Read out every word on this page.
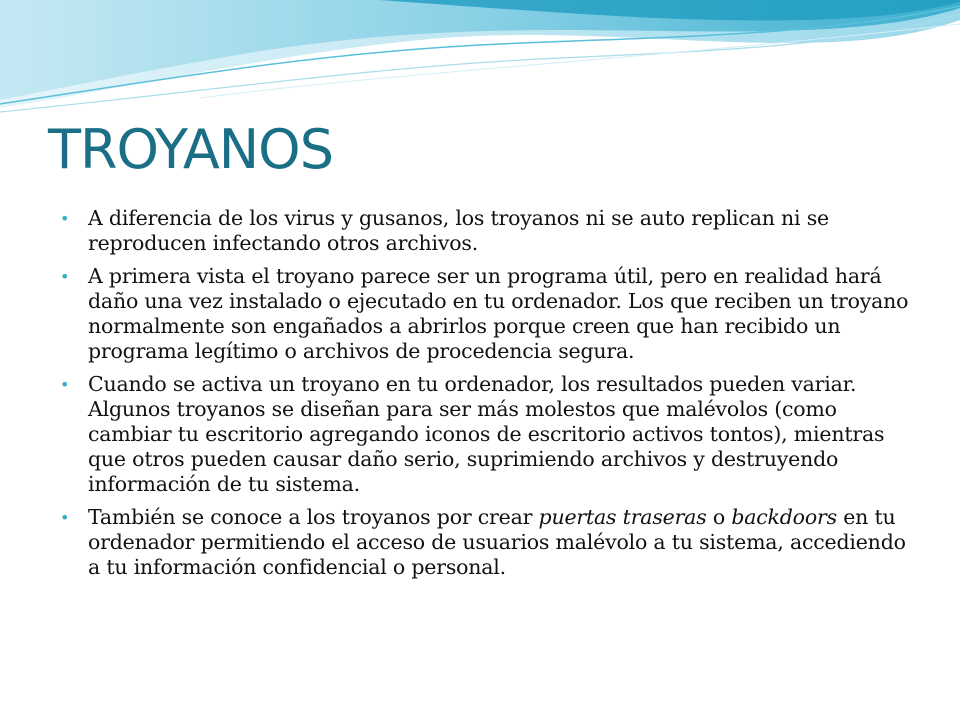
TROYANOS
• A diferencia de los virus y gusanos, los troyanos ni se auto replican ni se reproducen infectando otros archivos.
• A primera vista el troyano parece ser un programa útil, pero en realidad hará daño una vez instalado o ejecutado en tu ordenador. Los que reciben un troyano normalmente son engañados a abrirlos porque creen que han recibido un programa legítimo o archivos de procedencia segura.
• Cuando se activa un troyano en tu ordenador, los resultados pueden variar. Algunos troyanos se diseñan para ser más molestos que malévolos (como cambiar tu escritorio agregando iconos de escritorio activos tontos), mientras que otros pueden causar daño serio, suprimiendo archivos y destruyendo información de tu sistema.
• También se conoce a los troyanos por crear puertas traseras o backdoors en tu ordenador permitiendo el acceso de usuarios malévolo a tu sistema, accediendo a tu información confidencial o personal.
